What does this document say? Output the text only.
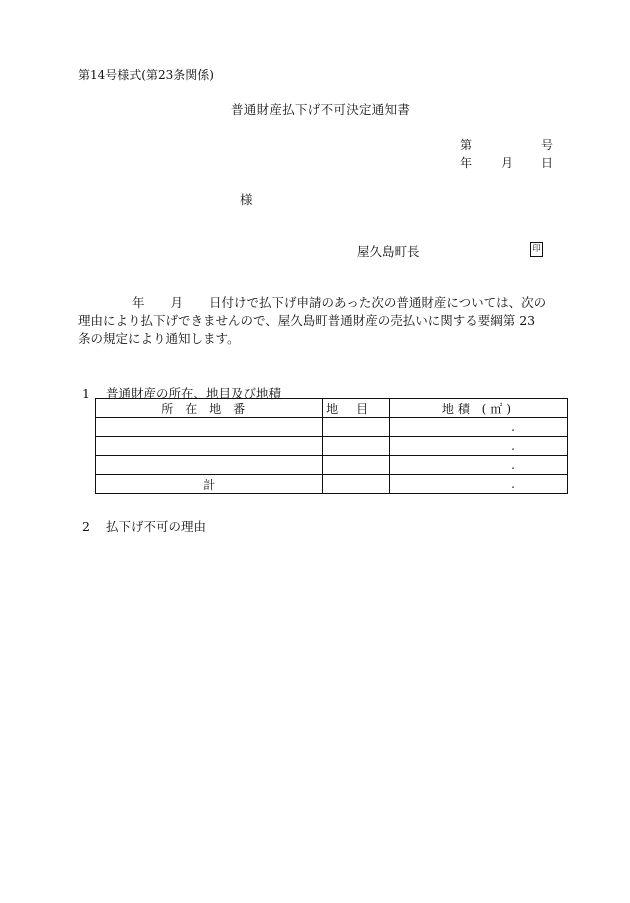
第14号様式(第23条関係)
普通財産払下げ不可決定通知書
第	号
年 月 日
様
屋久島町長	印
年 月 日付けで払下げ申請のあった次の普通財産については、次の
理由により払下げできませんので、屋久島町普通財産の売払いに関する要綱第 23
条の規定により通知します。
1 普通財産の所在、地目及び地積
所在地番	地目	地積 (㎡)
		.
		.
		.
計		.
2 払下げ不可の理由
